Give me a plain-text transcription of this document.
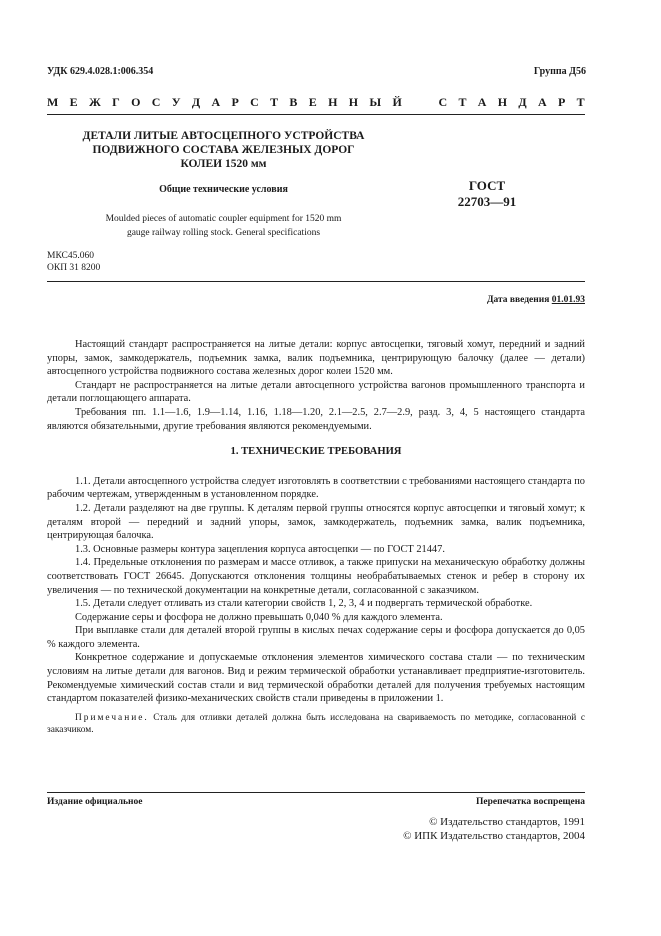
УДК 629.4.028.1:006.354	Группа Д56
М Е Ж Г О С У Д А Р С Т В Е Н Н Ы Й	С Т А Н Д А Р Т
ДЕТАЛИ ЛИТЫЕ АВТОСЦЕПНОГО УСТРОЙСТВА
ПОДВИЖНОГО СОСТАВА ЖЕЛЕЗНЫХ ДОРОГ
КОЛЕИ 1520 мм
Общие технические условия	ГОСТ
22703—91
Moulded pieces of automatic coupler equipment for 1520 mm
gauge railway rolling stock. General specifications
МКС45.060
ОКП 31 8200
Дата введения 01.01.93

Настоящий стандарт распространяется на литые детали: корпус автосцепки, тяговый хомут, передний и задний упоры, замок, замкодержатель, подъемник замка, валик подъемника, центрирующую балочку (далее — детали) автосцепного устройства подвижного состава железных дорог колеи 1520 мм.

Стандарт не распространяется на литые детали автосцепного устройства вагонов промышленного транспорта и детали поглощающего аппарата.

Требования пп. 1.1—1.6, 1.9—1.14, 1.16, 1.18—1.20, 2.1—2.5, 2.7—2.9, разд. 3, 4, 5 настоящего стандарта являются обязательными, другие требования являются рекомендуемыми.

1. ТЕХНИЧЕСКИЕ ТРЕБОВАНИЯ

1.1. Детали автосцепного устройства следует изготовлять в соответствии с требованиями настоящего стандарта по рабочим чертежам, утвержденным в установленном порядке.

1.2. Детали разделяют на две группы. К деталям первой группы относятся корпус автосцепки и тяговый хомут; к деталям второй — передний и задний упоры, замок, замкодержатель, подъемник замка, валик подъемника, центрирующая балочка.

1.3. Основные размеры контура зацепления корпуса автосцепки — по ГОСТ 21447.

1.4. Предельные отклонения по размерам и массе отливок, а также припуски на механическую обработку должны соответствовать ГОСТ 26645. Допускаются отклонения толщины необрабатываемых стенок и ребер в сторону их увеличения — по технической документации на конкретные детали, согласованной с заказчиком.

1.5. Детали следует отливать из стали категории свойств 1, 2, 3, 4 и подвергать термической обработке.

Содержание серы и фосфора не должно превышать 0,040 % для каждого элемента.

При выплавке стали для деталей второй группы в кислых печах содержание серы и фосфора допускается до 0,05 % каждого элемента.

Конкретное содержание и допускаемые отклонения элементов химического состава стали — по техническим условиям на литые детали для вагонов. Вид и режим термической обработки устанавливает предприятие-изготовитель. Рекомендуемые химический состав стали и вид термической обработки деталей для получения требуемых настоящим стандартом показателей физико-механических свойств стали приведены в приложении 1.

Примечание. Сталь для отливки деталей должна быть исследована на свариваемость по методике, согласованной с заказчиком.

Издание официальное	Перепечатка воспрещена
© Издательство стандартов, 1991
© ИПК Издательство стандартов, 2004
